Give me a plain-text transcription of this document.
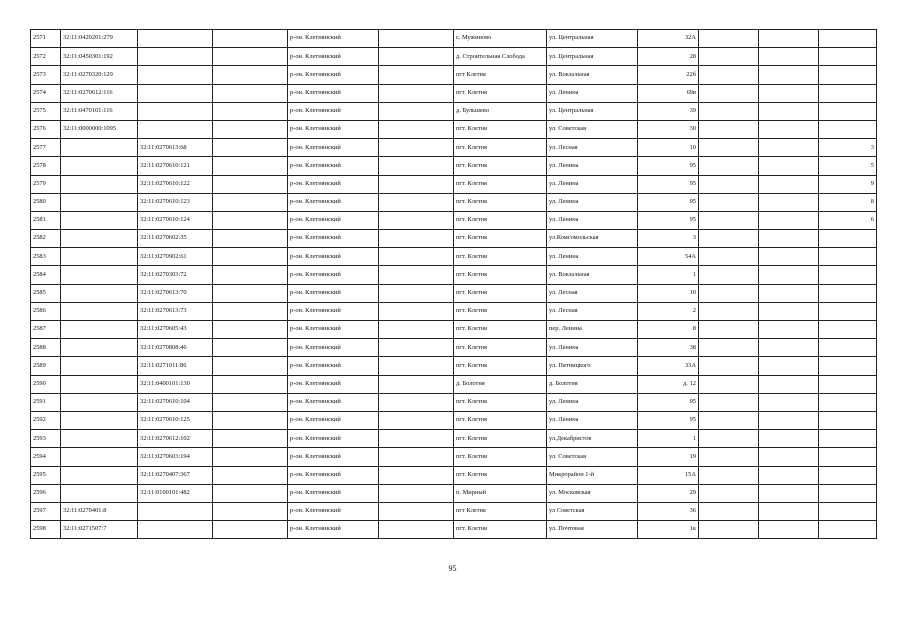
2571	32:11:0420201:279			р-он. Клетнянский		с. Мужиново	ул. Центральная	32А			
2572	32:11:0450301:192			р-он. Клетнянский		д. Строительная Слобода	ул. Центральная	28			
2573	32:11:0270320:129			р-он. Клетнянский		пгт Клетня	ул. Вокзальная	22б			
2574	32:11:0270612:116			р-он. Клетнянский		пгт. Клетня	ул. Ленина	69в			
2575	32:11:0470101:116			р-он. Клетнянский		д. Бульшево	ул. Центральная	39			
2576	32:11:0000000:1095			р-он. Клетнянский		пгт. Клетня	ул. Советская	30			
2577		32:11:0270613:68		р-он. Клетнянский		пгт. Клетня	ул. Лесная	10			3
2578		32:11:0270610:121		р-он. Клетнянский		пгт. Клетня	ул. Ленина	95			5
2579		32:11:0270610:122		р-он. Клетнянский		пгт. Клетня	ул. Ленина	95			9
2580		32:11:0270610:123		р-он. Клетнянский		пгт. Клетня	ул. Ленина	95			8
2581		32:11:0270610:124		р-он. Клетнянский		пгт. Клетня	ул. Ленина	95			6
2582		32:11:0270602:35		р-он. Клетнянский		пгт. Клетня	ул.Комсомольская	3			
2583		32:11:0270902:61		р-он. Клетнянский		пгт. Клетня	ул. Ленина	54А			
2584		32:11:0270303:72		р-он. Клетнянский		пгт. Клетня	ул. Вокзальная	1			
2585		32:11:0270613:70		р-он. Клетнянский		пгт. Клетня	ул. Лесная	10			
2586		32:11:0270613:73		р-он. Клетнянский		пгт. Клетня	ул. Лесная	2			
2587		32:11:0270605:43		р-он. Клетнянский		пгт. Клетня	пер. Ленина	8			
2588		32:11:0270808:46		р-он. Клетнянский		пгт. Клетня	ул. Ленина	38			
2589		32:11:0271011:86		р-он. Клетнянский		пгт. Клетня	ул. Пятницкого	33А			
2590		32:11:0400101:130		р-он. Клетнянский		д. Болотня	д. Болотня	д. 12			
2591		32:11:0270610:104		р-он. Клетнянский		пгт. Клетня	ул. Ленина	95			
2592		32:11:0270610:125		р-он. Клетнянский		пгт. Клетня	ул. Ленина	95			
2593		32:11:0270612:102		р-он. Клетнянский		пгт. Клетня	ул.Декабристов	1			
2594		32:11:0270603:194		р-он. Клетнянский		пгт. Клетня	ул. Советская	19			
2595		32:11:0270407:367		р-он. Клетнянский		пгт. Клетня	Микрорайон 1-й	15А			
2596		32:11:0100101:482		р-он. Клетнянский		п. Мирный	ул. Московская	29			
2597	32:11:0270401:8			р-он. Клетнянский		пгт Клетня	ул Советская	36			
2598	32:11:0271507:7			р-он. Клетнянский		пгт. Клетня	ул. Почтовая	1к			
95
